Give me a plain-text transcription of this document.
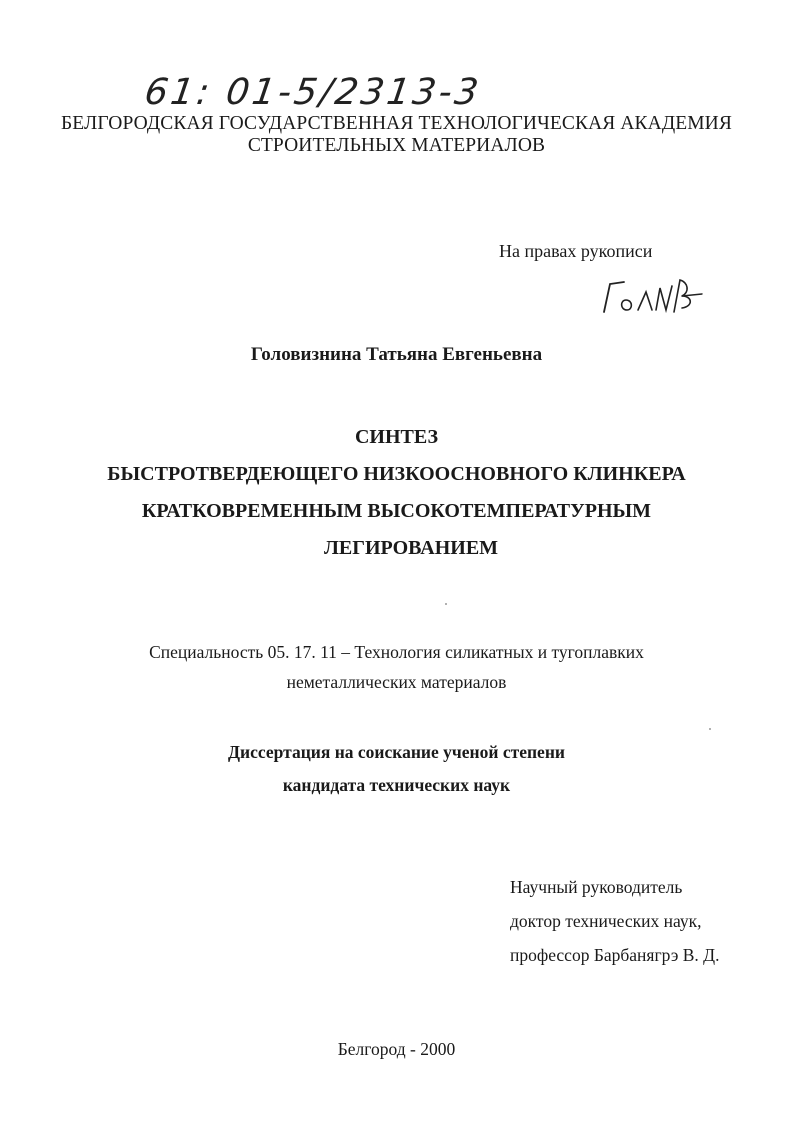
61: 01-5/2313-3
БЕЛГОРОДСКАЯ ГОСУДАРСТВЕННАЯ ТЕХНОЛОГИЧЕСКАЯ АКАДЕМИЯ
СТРОИТЕЛЬНЫХ МАТЕРИАЛОВ
На правах рукописи
Головизнина Татьяна Евгеньевна
СИНТЕЗ
БЫСТРОТВЕРДЕЮЩЕГО НИЗКООСНОВНОГО КЛИНКЕРА
КРАТКОВРЕМЕННЫМ ВЫСОКОТЕМПЕРАТУРНЫМ
ЛЕГИРОВАНИЕМ
Специальность 05. 17. 11 – Технология силикатных и тугоплавких
неметаллических материалов
Диссертация на соискание ученой степени
кандидата технических наук
Научный руководитель
доктор технических наук,
профессор Барбанягрэ В. Д.
Белгород - 2000
